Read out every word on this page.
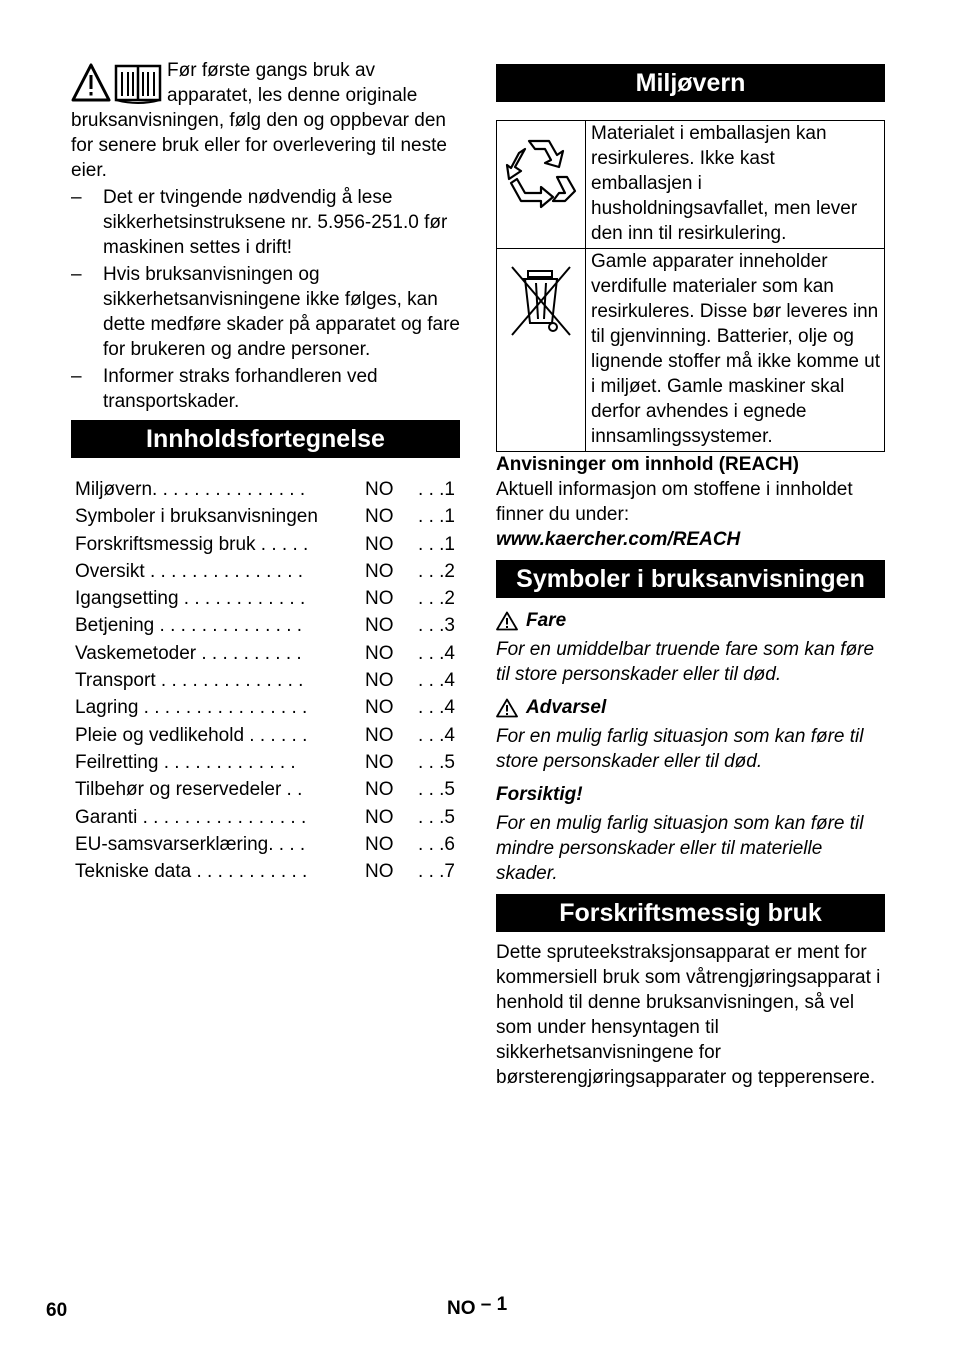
Før første gangs bruk av apparatet, les denne originale bruksanvisningen, følg den og oppbevar den for senere bruk eller for overlevering til neste eier.

– Det er tvingende nødvendig å lese sikkerhetsinstruksene nr. 5.956-251.0 før maskinen settes i drift!
– Hvis bruksanvisningen og sikkerhetsanvisningene ikke følges, kan dette medføre skader på apparatet og fare for brukeren og andre personer.
– Informer straks forhandleren ved transportskader.
Innholdsfortegnelse
Miljøvern. . . . . . . . . . . . . . .	NO	. . .1
Symboler i bruksanvisningen	NO	. . .1
Forskriftsmessig bruk . . . . .	NO	. . .1
Oversikt . . . . . . . . . . . . . . .	NO	. . .2
Igangsetting . . . . . . . . . . . .	NO	. . .2
Betjening . . . . . . . . . . . . . .	NO	. . .3
Vaskemetoder . . . . . . . . . .	NO	. . .4
Transport . . . . . . . . . . . . . .	NO	. . .4
Lagring . . . . . . . . . . . . . . . .	NO	. . .4
Pleie og vedlikehold . . . . . .	NO	. . .4
Feilretting . . . . . . . . . . . . .	NO	. . .5
Tilbehør og reservedeler . .	NO	. . .5
Garanti . . . . . . . . . . . . . . . .	NO	. . .5
EU-samsvarserklæring. . . .	NO	. . .6
Tekniske data . . . . . . . . . . .	NO	. . .7
Miljøvern
	Materialet i emballasjen kan resirkuleres. Ikke kast emballasjen i husholdningsavfallet, men lever den inn til resirkulering.
	Gamle apparater inneholder verdifulle materialer som kan resirkuleres. Disse bør leveres inn til gjenvinning. Batterier, olje og lignende stoffer må ikke komme ut i miljøet. Gamle maskiner skal derfor avhendes i egnede innsamlingssystemer.

Anvisninger om innhold (REACH)

Aktuell informasjon om stoffene i innholdet finner du under:

www.kaercher.com/REACH

Symboler i bruksanvisningen
Fare

For en umiddelbar truende fare som kan føre til store personskader eller til død.

Advarsel

For en mulig farlig situasjon som kan føre til store personskader eller til død.

Forsiktig!

For en mulig farlig situasjon som kan føre til mindre personskader eller til materielle skader.

Forskriftsmessig bruk

Dette spruteekstraksjonsapparat er ment for kommersiell bruk som våtrengjøringsapparat i henhold til denne bruksanvisningen, så vel som under hensyntagen til sikkerhetsanvisningene for børsterengjøringsapparater og tepperensere.

60	NO – 1
